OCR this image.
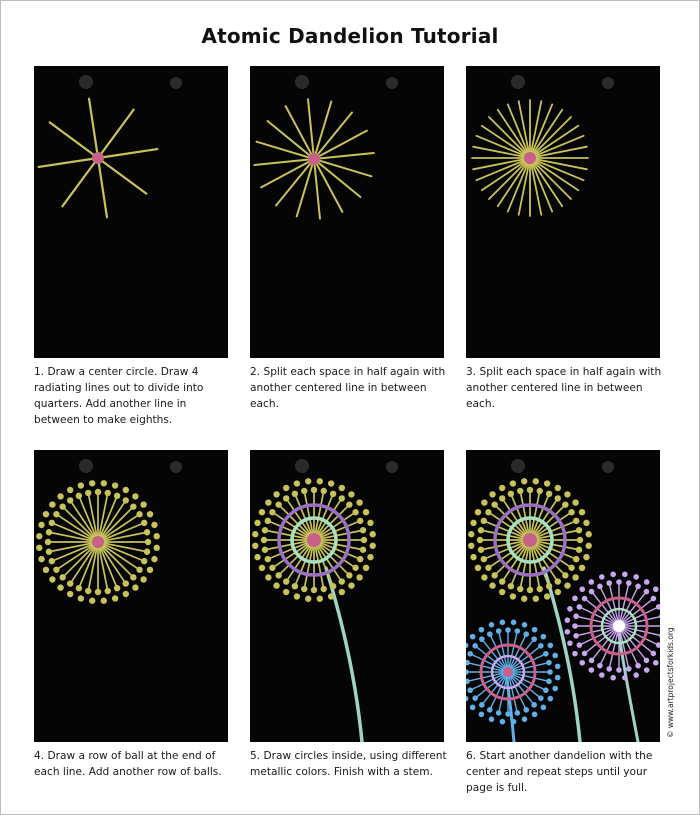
Atomic Dandelion Tutorial
1. Draw a center circle. Draw 4 radiating lines out to divide into quarters. Add another line in between to make eighths.
2. Split each space in half again with another centered line in between each.
3. Split each space in half again with another centered line in between each.
4. Draw a row of ball at the end of each line. Add another row of balls.
5. Draw circles inside, using different metallic colors. Finish with a stem.
6. Start another dandelion with the center and repeat steps until your page is full.
© www.artprojectsforkids.org
